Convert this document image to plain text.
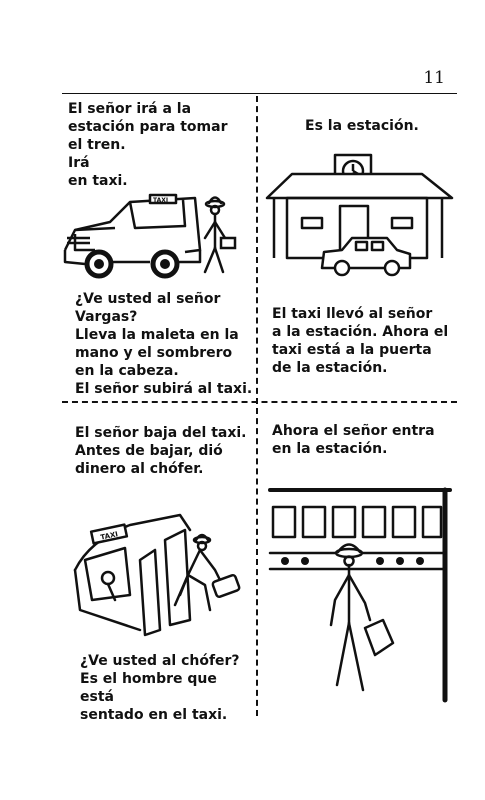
11

El señor irá a la
estación para tomar
el tren.
Irá
en taxi.

TAXI

¿Ve usted al señor
Vargas?
Lleva la maleta en la
mano y el sombrero
en la cabeza.
El señor subirá al taxi.

Es la estación.

El taxi llevó al señor
a la estación. Ahora el
taxi está a la puerta
de la estación.

El señor baja del taxi.
Antes de bajar, dió
dinero al chófer.

TAXI

¿Ve usted al chófer?
Es el hombre que está
sentado en el taxi.

Ahora el señor entra
en la estación.
